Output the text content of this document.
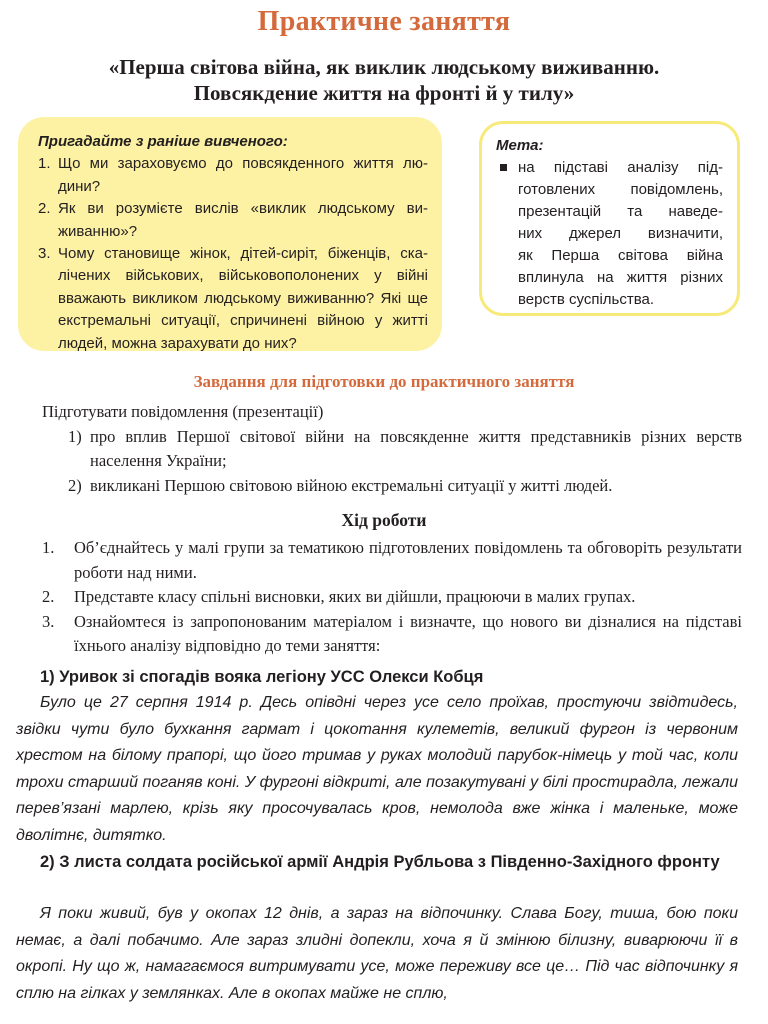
Практичне заняття
«Перша світова війна, як виклик людському виживанню.
Повсякдение життя на фронті й у тилу»
Пригадайте з раніше вивченого:
1. Що ми зараховуємо до повсякденного життя людини?
2. Як ви розумієте вислів «виклик людському виживанню»?
3. Чому становище жінок, дітей-сиріт, біженців, скалічених військових, військовополонених у війні вважають викликом людському виживанню? Які ще екстремальні ситуації, спричинені війною у житті людей, можна зарахувати до них?
Мета:
на підставі аналізу під-
готовлених повідомлень,
презентацій та наведе-
них джерел визначити,
як Перша світова війна
вплинула на життя різних
верств суспільства.
Завдання для підготовки до практичного заняття
Підготувати повідомлення (презентації)
1) про вплив Першої світової війни на повсякденне життя представників різних верств населення України;
2) викликані Першою світовою війною екстремальні ситуації у житті людей.
Хід роботи
1. Об’єднайтесь у малі групи за тематикою підготовлених повідомлень та обговоріть результати роботи над ними.
2. Представте класу спільні висновки, яких ви дійшли, працюючи в малих групах.
3. Ознайомтеся із запропонованим матеріалом і визначте, що нового ви дізналися на підставі їхнього аналізу відповідно до теми заняття:
1) Уривок зі спогадів вояка легіону УСС Олекси Кобця
Було це 27 серпня 1914 р. Десь опівдні через усе село проїхав, простуючи звідтидесь, звідки чути було бухкання гармат і цокотання кулеметів, великий фургон із червоним хрестом на білому прапорі, що його тримав у руках молодий парубок-німець у той час, коли трохи старший поганяв коні. У фургоні відкриті, але позакутувані у білі простирадла, лежали перев’язані марлею, крізь яку просочувалась кров, немолода вже жінка і маленьке, може дволітнє, дитятко.
2) З листа солдата російської армії Андрія Рубльова з Південно-Західного фронту
Я поки живий, був у окопах 12 днів, а зараз на відпочинку. Слава Богу, тиша, бою поки немає, а далі побачимо. Але зараз злидні допекли, хоча я й змінюю білизну, виварюючи її в окропі. Ну що ж, намагаємося витримувати усе, може переживу все це… Під час відпочинку я сплю на гілках у землянках. Але в окопах майже не сплю,
